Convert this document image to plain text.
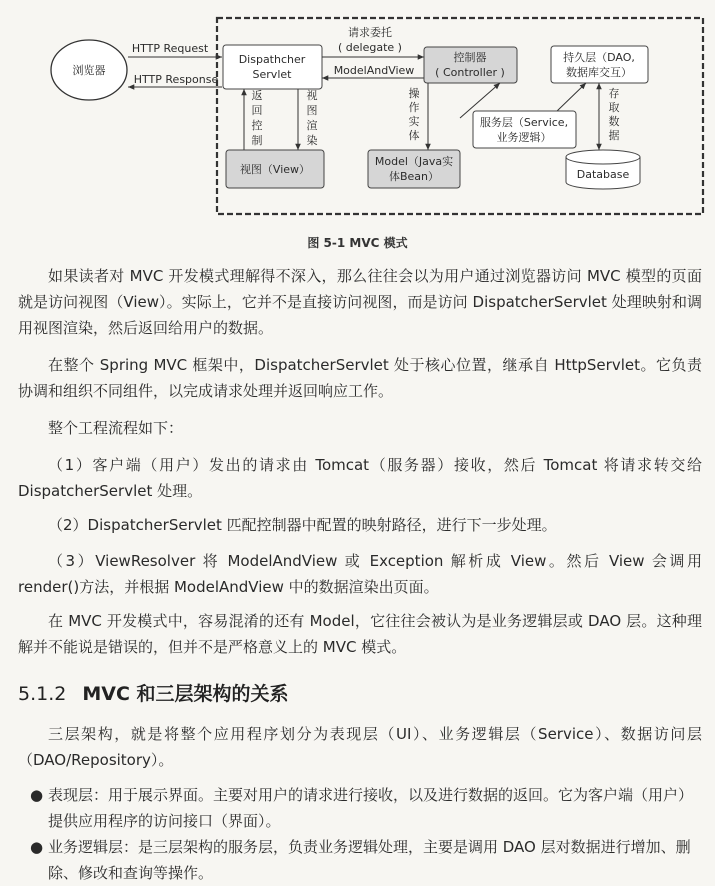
浏览器
HTTP Request
HTTP Response
Dispathcher
Servlet
请求委托
( delegate )
ModelAndView
控制器
( Controller )
持久层（DAO,
数据库交互）
返
回
控
制
视
图
渲
染
视图（View）
操
作
实
体
Model（Java实
体Bean）
服务层（Service,
业务逻辑）
存
取
数
据
Database
图 5-1 MVC 模式

如果读者对 MVC 开发模式理解得不深入，那么往往会以为用户通过浏览器访问 MVC 模型的页面就是访问视图（View）。实际上，它并不是直接访问视图，而是访问 DispatcherServlet 处理映射和调用视图渲染，然后返回给用户的数据。

在整个 Spring MVC 框架中，DispatcherServlet 处于核心位置，继承自 HttpServlet。它负责协调和组织不同组件，以完成请求处理并返回响应工作。

整个工程流程如下：

（1）客户端（用户）发出的请求由 Tomcat（服务器）接收，然后 Tomcat 将请求转交给 DispatcherServlet 处理。

（2）DispatcherServlet 匹配控制器中配置的映射路径，进行下一步处理。

（3）ViewResolver 将 ModelAndView 或 Exception 解析成 View。然后 View 会调用 render()方法，并根据 ModelAndView 中的数据渲染出页面。

在 MVC 开发模式中，容易混淆的还有 Model，它往往会被认为是业务逻辑层或 DAO 层。这种理解并不能说是错误的，但并不是严格意义上的 MVC 模式。

5.1.2 MVC 和三层架构的关系

三层架构，就是将整个应用程序划分为表现层（UI）、业务逻辑层（Service）、数据访问层（DAO/Repository）。

● 表现层：用于展示界面。主要对用户的请求进行接收，以及进行数据的返回。它为客户端（用户）提供应用程序的访问接口（界面）。

● 业务逻辑层：是三层架构的服务层，负责业务逻辑处理，主要是调用 DAO 层对数据进行增加、删除、修改和查询等操作。
